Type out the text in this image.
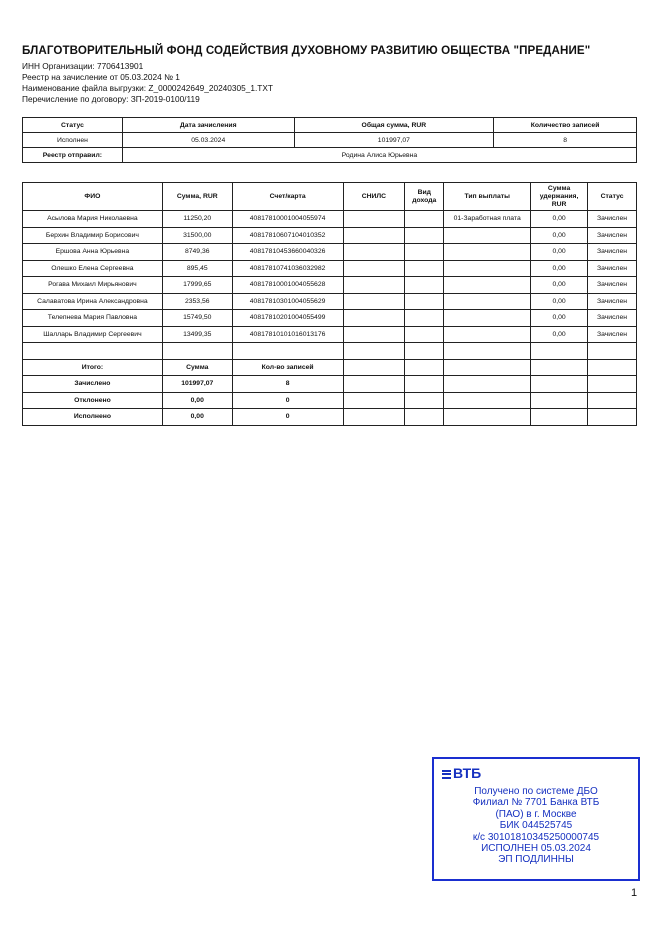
БЛАГОТВОРИТЕЛЬНЫЙ ФОНД СОДЕЙСТВИЯ ДУХОВНОМУ РАЗВИТИЮ ОБЩЕСТВА "ПРЕДАНИЕ"
ИНН Организации: 7706413901
Реестр на зачисление от 05.03.2024 № 1
Наименование файла выгрузки: Z_0000242649_20240305_1.TXT
Перечисление по договору: ЗП-2019-0100/119
Статус	Дата зачисления	Общая сумма, RUR	Количество записей
Исполнен	05.03.2024	101997,07	8
Реестр отправил:	Родина Алиса Юрьевна		
ФИО	Сумма, RUR	Счет/карта	СНИЛС	Вид дохода	Тип выплаты	Сумма удержания, RUR	Статус
Асылова Мария Николаевна	11250,20	40817810001004055974			01-Заработная плата	0,00	Зачислен
Берхин Владимир Борисович	31500,00	40817810607104010352				0,00	Зачислен
Ершова Анна Юрьевна	8749,36	40817810453660040326				0,00	Зачислен
Олешко Елена Сергеевна	895,45	40817810741036032982				0,00	Зачислен
Рогава Михаил Мирьянович	17999,65	40817810001004055628				0,00	Зачислен
Салаватова Ирина Александровна	2353,56	40817810301004055629				0,00	Зачислен
Телепнева Мария Павловна	15749,50	40817810201004055499				0,00	Зачислен
Шалларь Владимир Сергеевич	13499,35	40817810101016013176				0,00	Зачислен

Итого:	Сумма	Кол-во записей					
Зачислено	101997,07	8					
Отклонено	0,00	0					
Исполнено	0,00	0					
ВТБ
Получено по системе ДБО
Филиал № 7701 Банка ВТБ
(ПАО) в г. Москве
БИК 044525745
к/с 30101810345250000745
ИСПОЛНЕН 05.03.2024
ЭП ПОДЛИННЫ
1
